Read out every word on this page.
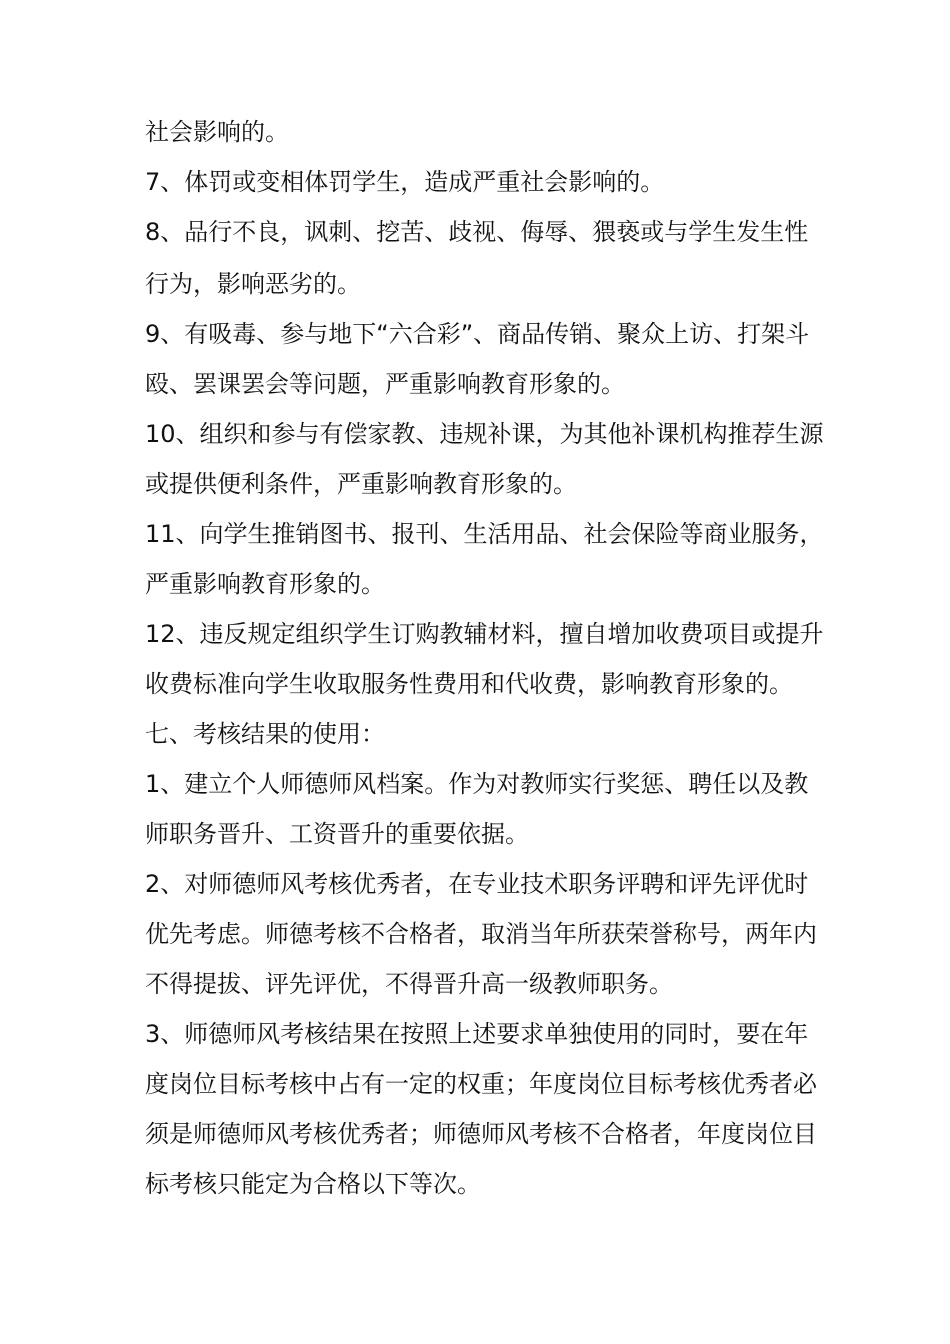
社会影响的。
7、体罚或变相体罚学生，造成严重社会影响的。
8、品行不良，讽刺、挖苦、歧视、侮辱、猥亵或与学生发生性
行为，影响恶劣的。
9、有吸毒、参与地下“六合彩”、商品传销、聚众上访、打架斗
殴、罢课罢会等问题，严重影响教育形象的。
10、组织和参与有偿家教、违规补课，为其他补课机构推荐生源
或提供便利条件，严重影响教育形象的。
11、向学生推销图书、报刊、生活用品、社会保险等商业服务，
严重影响教育形象的。
12、违反规定组织学生订购教辅材料，擅自增加收费项目或提升
收费标准向学生收取服务性费用和代收费，影响教育形象的。
七、考核结果的使用：
1、建立个人师德师风档案。作为对教师实行奖惩、聘任以及教
师职务晋升、工资晋升的重要依据。
2、对师德师风考核优秀者，在专业技术职务评聘和评先评优时
优先考虑。师德考核不合格者，取消当年所获荣誉称号，两年内
不得提拔、评先评优，不得晋升高一级教师职务。
3、师德师风考核结果在按照上述要求单独使用的同时，要在年
度岗位目标考核中占有一定的权重；年度岗位目标考核优秀者必
须是师德师风考核优秀者；师德师风考核不合格者，年度岗位目
标考核只能定为合格以下等次。
